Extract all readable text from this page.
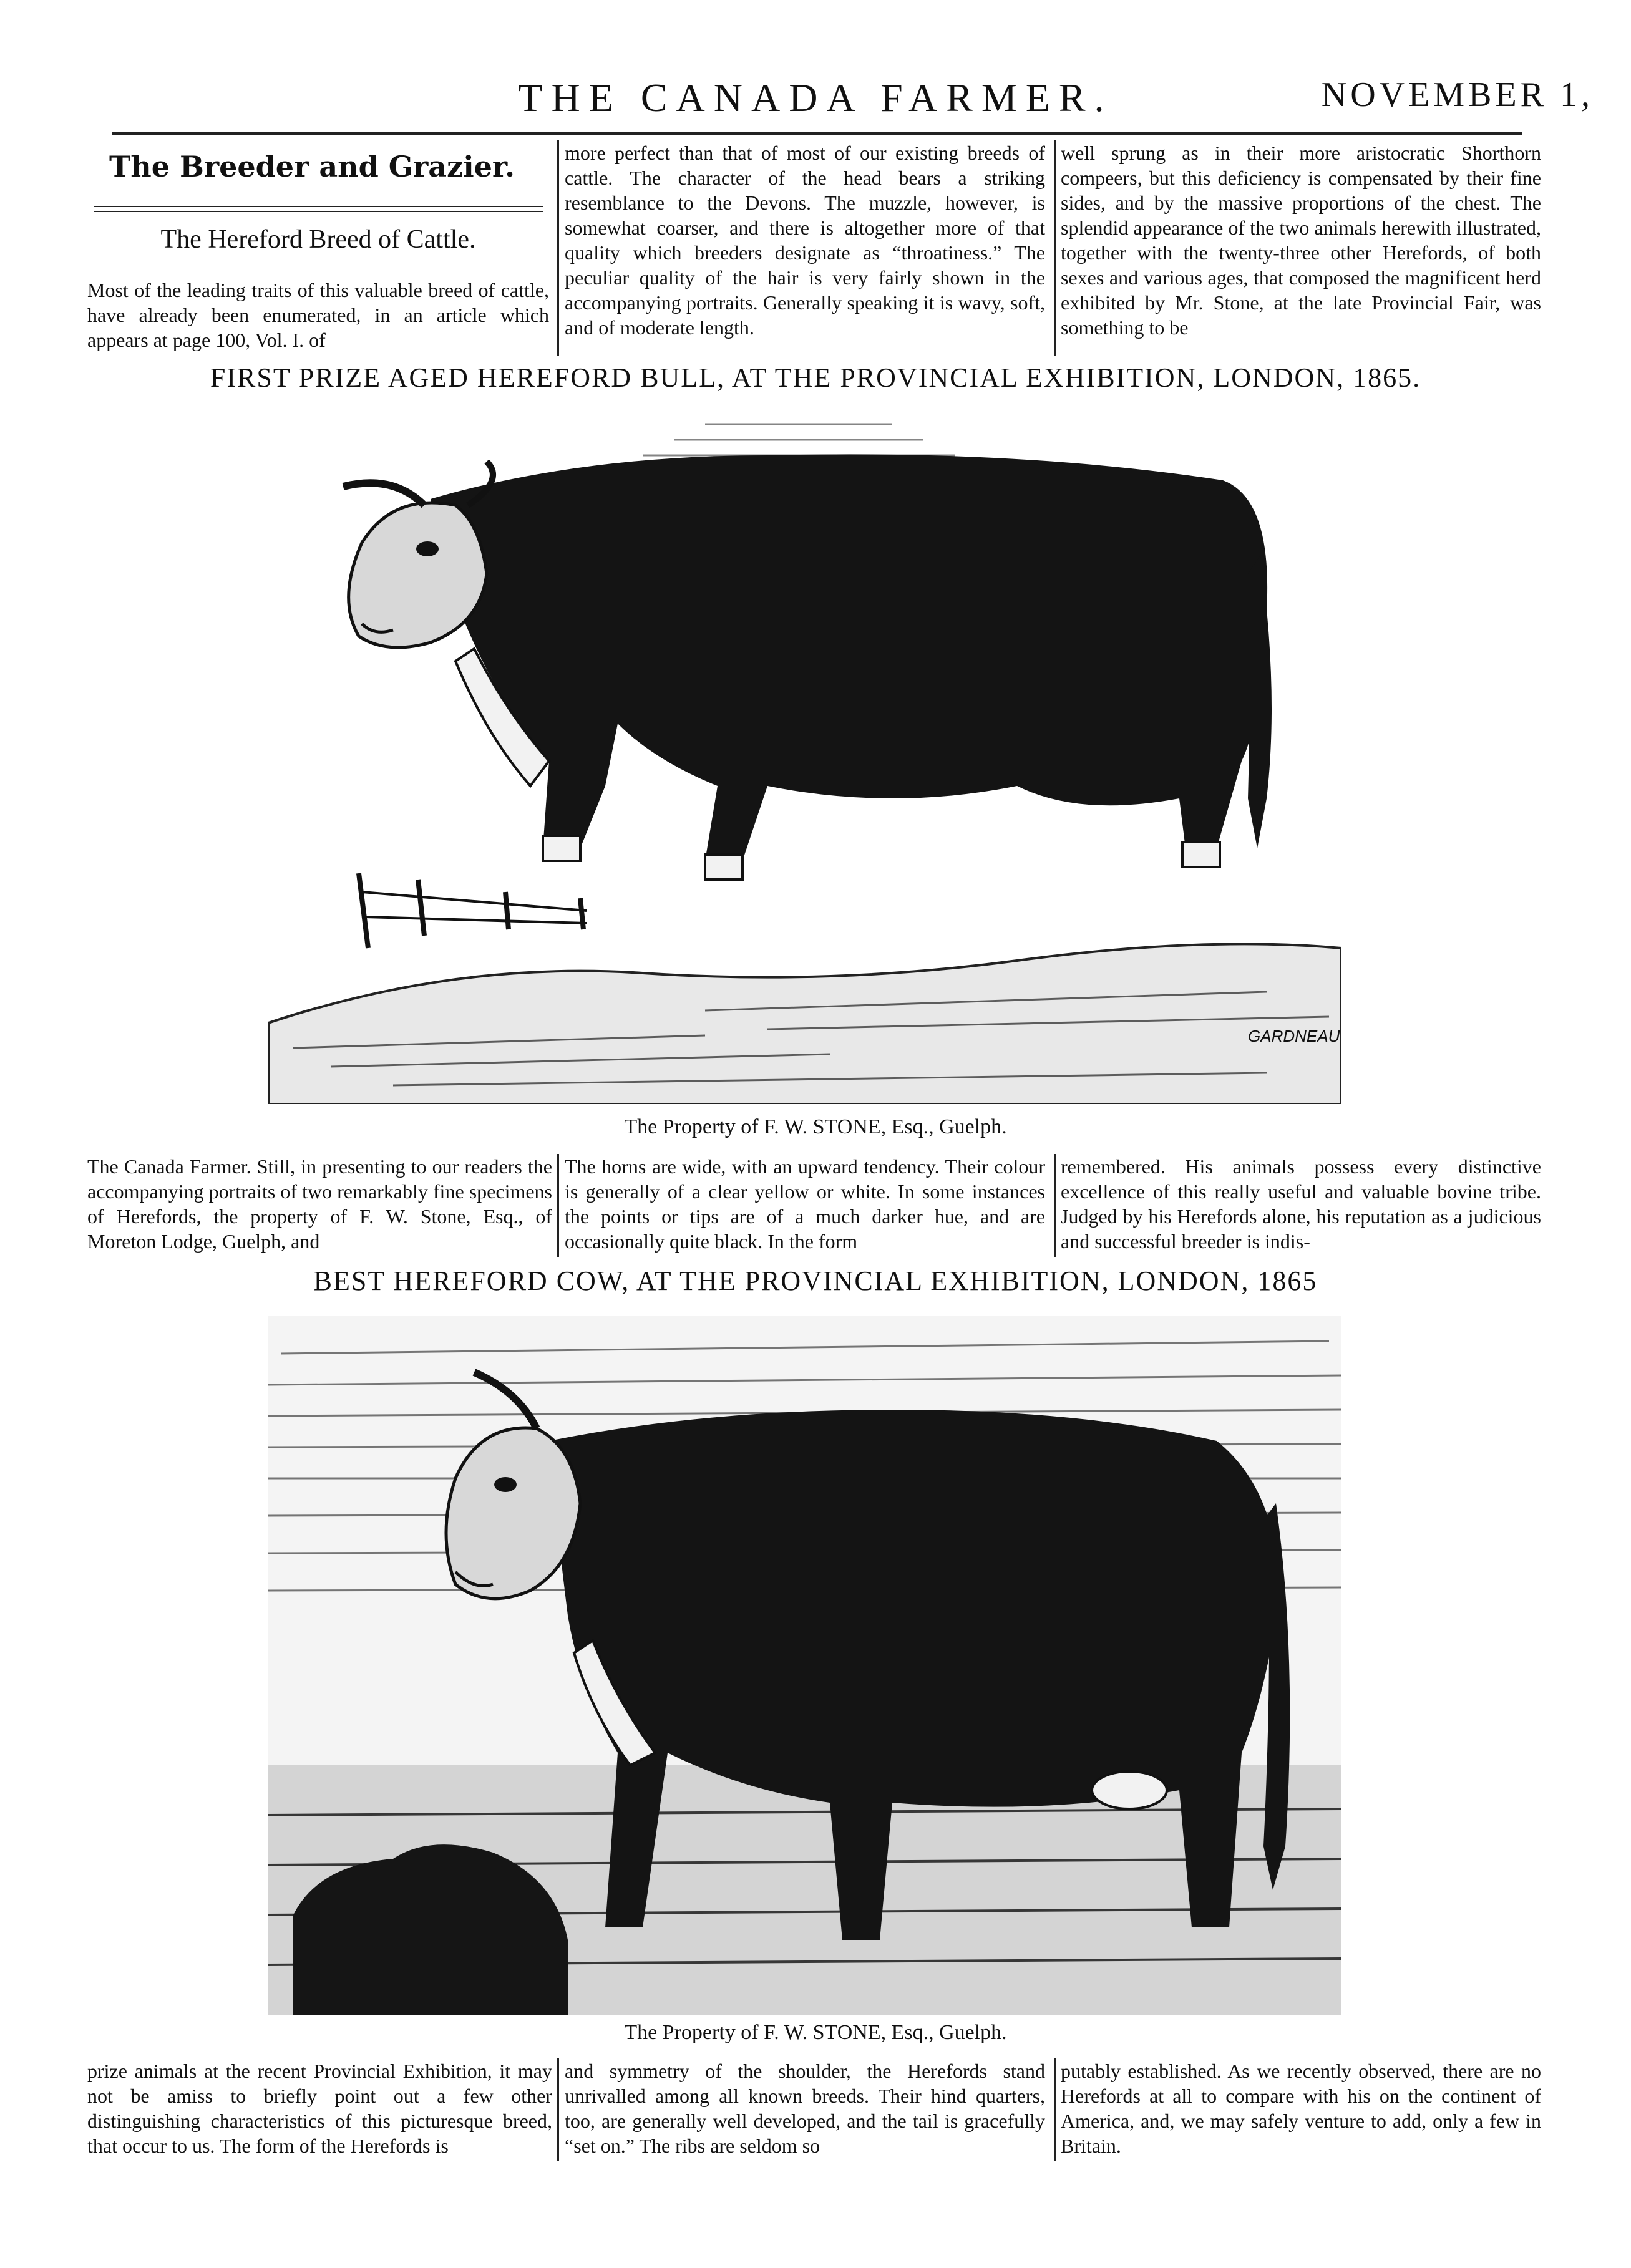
THE CANADA FARMER.	NOVEMBER 1,
The Breeder and Grazier.
The Hereford Breed of Cattle.
Most of the leading traits of this valuable breed of cattle, have already been enumerated, in an article which appears at page 100, Vol. I. of
more perfect than that of most of our existing breeds of cattle. The character of the head bears a striking resemblance to the Devons. The muzzle, however, is somewhat coarser, and there is altogether more of that quality which breeders designate as “throatiness.” The peculiar quality of the hair is very fairly shown in the accompanying portraits. Generally speaking it is wavy, soft, and of moderate length.
well sprung as in their more aristocratic Shorthorn compeers, but this deficiency is compensated by their fine sides, and by the massive proportions of the chest. The splendid appearance of the two animals herewith illustrated, together with the twenty-three other Herefords, of both sexes and various ages, that composed the magnificent herd exhibited by Mr. Stone, at the late Provincial Fair, was something to be
FIRST PRIZE AGED HEREFORD BULL, AT THE PROVINCIAL EXHIBITION, LONDON, 1865.
GARDNEAU
The Property of F. W. STONE, Esq., Guelph.
The Canada Farmer. Still, in presenting to our readers the accompanying portraits of two remarkably fine specimens of Herefords, the property of F. W. Stone, Esq., of Moreton Lodge, Guelph, and
The horns are wide, with an upward tendency. Their colour is generally of a clear yellow or white. In some instances the points or tips are of a much darker hue, and are occasionally quite black. In the form
remembered. His animals possess every distinctive excellence of this really useful and valuable bovine tribe. Judged by his Herefords alone, his reputation as a judicious and successful breeder is indis-
BEST HEREFORD COW, AT THE PROVINCIAL EXHIBITION, LONDON, 1865
The Property of F. W. STONE, Esq., Guelph.
prize animals at the recent Provincial Exhibition, it may not be amiss to briefly point out a few other distinguishing characteristics of this picturesque breed, that occur to us. The form of the Herefords is
and symmetry of the shoulder, the Herefords stand unrivalled among all known breeds. Their hind quarters, too, are generally well developed, and the tail is gracefully “set on.” The ribs are seldom so
putably established. As we recently observed, there are no Herefords at all to compare with his on the continent of America, and, we may safely venture to add, only a few in Britain.
